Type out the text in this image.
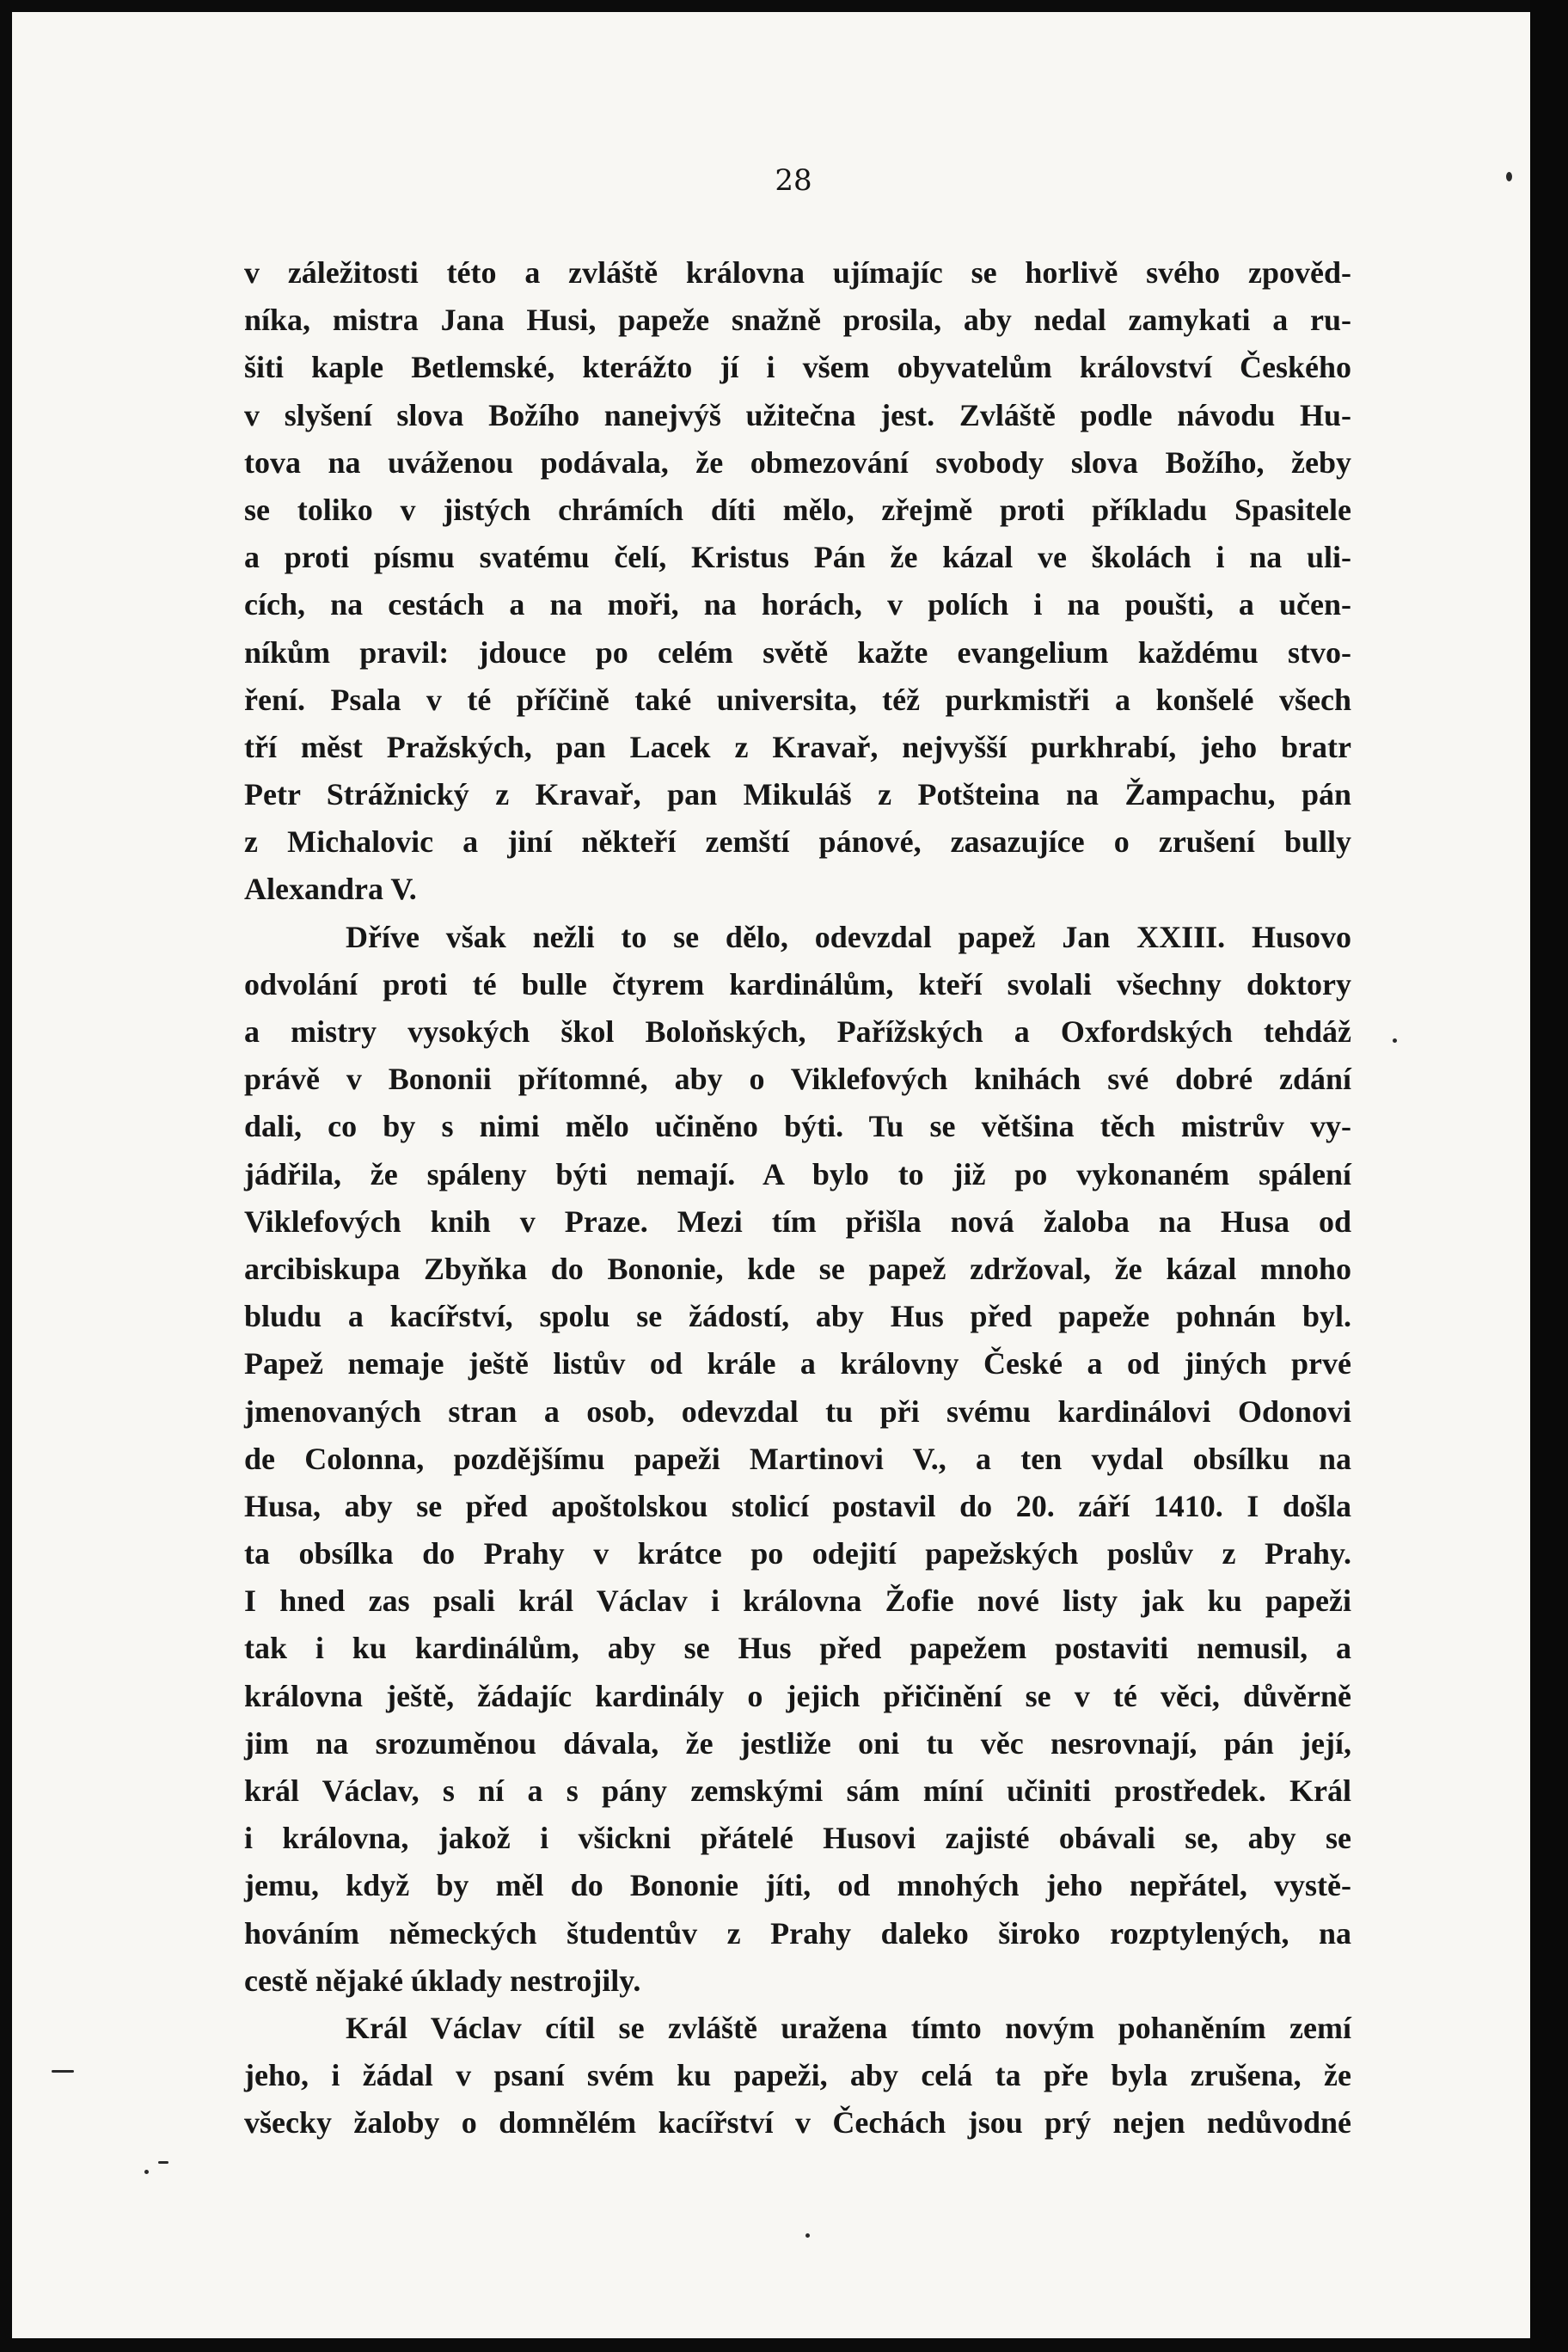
28
v záležitosti této a zvláště královna ujímajíc se horlivě svého zpověd-
níka, mistra Jana Husi, papeže snažně prosila, aby nedal zamykati a ru-
šiti kaple Betlemské, kterážto jí i všem obyvatelům království Českého
v slyšení slova Božího nanejvýš užitečna jest. Zvláště podle návodu Hu-
tova na uváženou podávala, že obmezování svobody slova Božího, žeby
se toliko v jistých chrámích díti mělo, zřejmě proti příkladu Spasitele
a proti písmu svatému čelí, Kristus Pán že kázal ve školách i na uli-
cích, na cestách a na moři, na horách, v polích i na poušti, a učen-
níkům pravil: jdouce po celém světě kažte evangelium každému stvo-
ření. Psala v té příčině také universita, též purkmistři a konšelé všech
tří měst Pražských, pan Lacek z Kravař, nejvyšší purkhrabí, jeho bratr
Petr Strážnický z Kravař, pan Mikuláš z Potšteina na Žampachu, pán
z Michalovic a jiní někteří zemští pánové, zasazujíce o zrušení bully
Alexandra V.
Dříve však nežli to se dělo, odevzdal papež Jan XXIII. Husovo
odvolání proti té bulle čtyrem kardinálům, kteří svolali všechny doktory
a mistry vysokých škol Boloňských, Pařížských a Oxfordských tehdáž
právě v Bononii přítomné, aby o Viklefových knihách své dobré zdání
dali, co by s nimi mělo učiněno býti. Tu se většina těch mistrův vy-
jádřila, že spáleny býti nemají. A bylo to již po vykonaném spálení
Viklefových knih v Praze. Mezi tím přišla nová žaloba na Husa od
arcibiskupa Zbyňka do Bononie, kde se papež zdržoval, že kázal mnoho
bludu a kacířství, spolu se žádostí, aby Hus před papeže pohnán byl.
Papež nemaje ještě listův od krále a královny České a od jiných prvé
jmenovaných stran a osob, odevzdal tu při svému kardinálovi Odonovi
de Colonna, pozdějšímu papeži Martinovi V., a ten vydal obsílku na
Husa, aby se před apoštolskou stolicí postavil do 20. září 1410. I došla
ta obsílka do Prahy v krátce po odejití papežských poslův z Prahy.
I hned zas psali král Václav i královna Žofie nové listy jak ku papeži
tak i ku kardinálům, aby se Hus před papežem postaviti nemusil, a
královna ještě, žádajíc kardinály o jejich přičinění se v té věci, důvěrně
jim na srozuměnou dávala, že jestliže oni tu věc nesrovnají, pán její,
král Václav, s ní a s pány zemskými sám míní učiniti prostředek. Král
i královna, jakož i všickni přátelé Husovi zajisté obávali se, aby se
jemu, když by měl do Bononie jíti, od mnohých jeho nepřátel, vystě-
hováním německých študentův z Prahy daleko široko rozptylených, na
cestě nějaké úklady nestrojily.
Král Václav cítil se zvláště uražena tímto novým pohaněním zemí
jeho, i žádal v psaní svém ku papeži, aby celá ta pře byla zrušena, že
všecky žaloby o domnělém kacířství v Čechách jsou prý nejen nedůvodné
